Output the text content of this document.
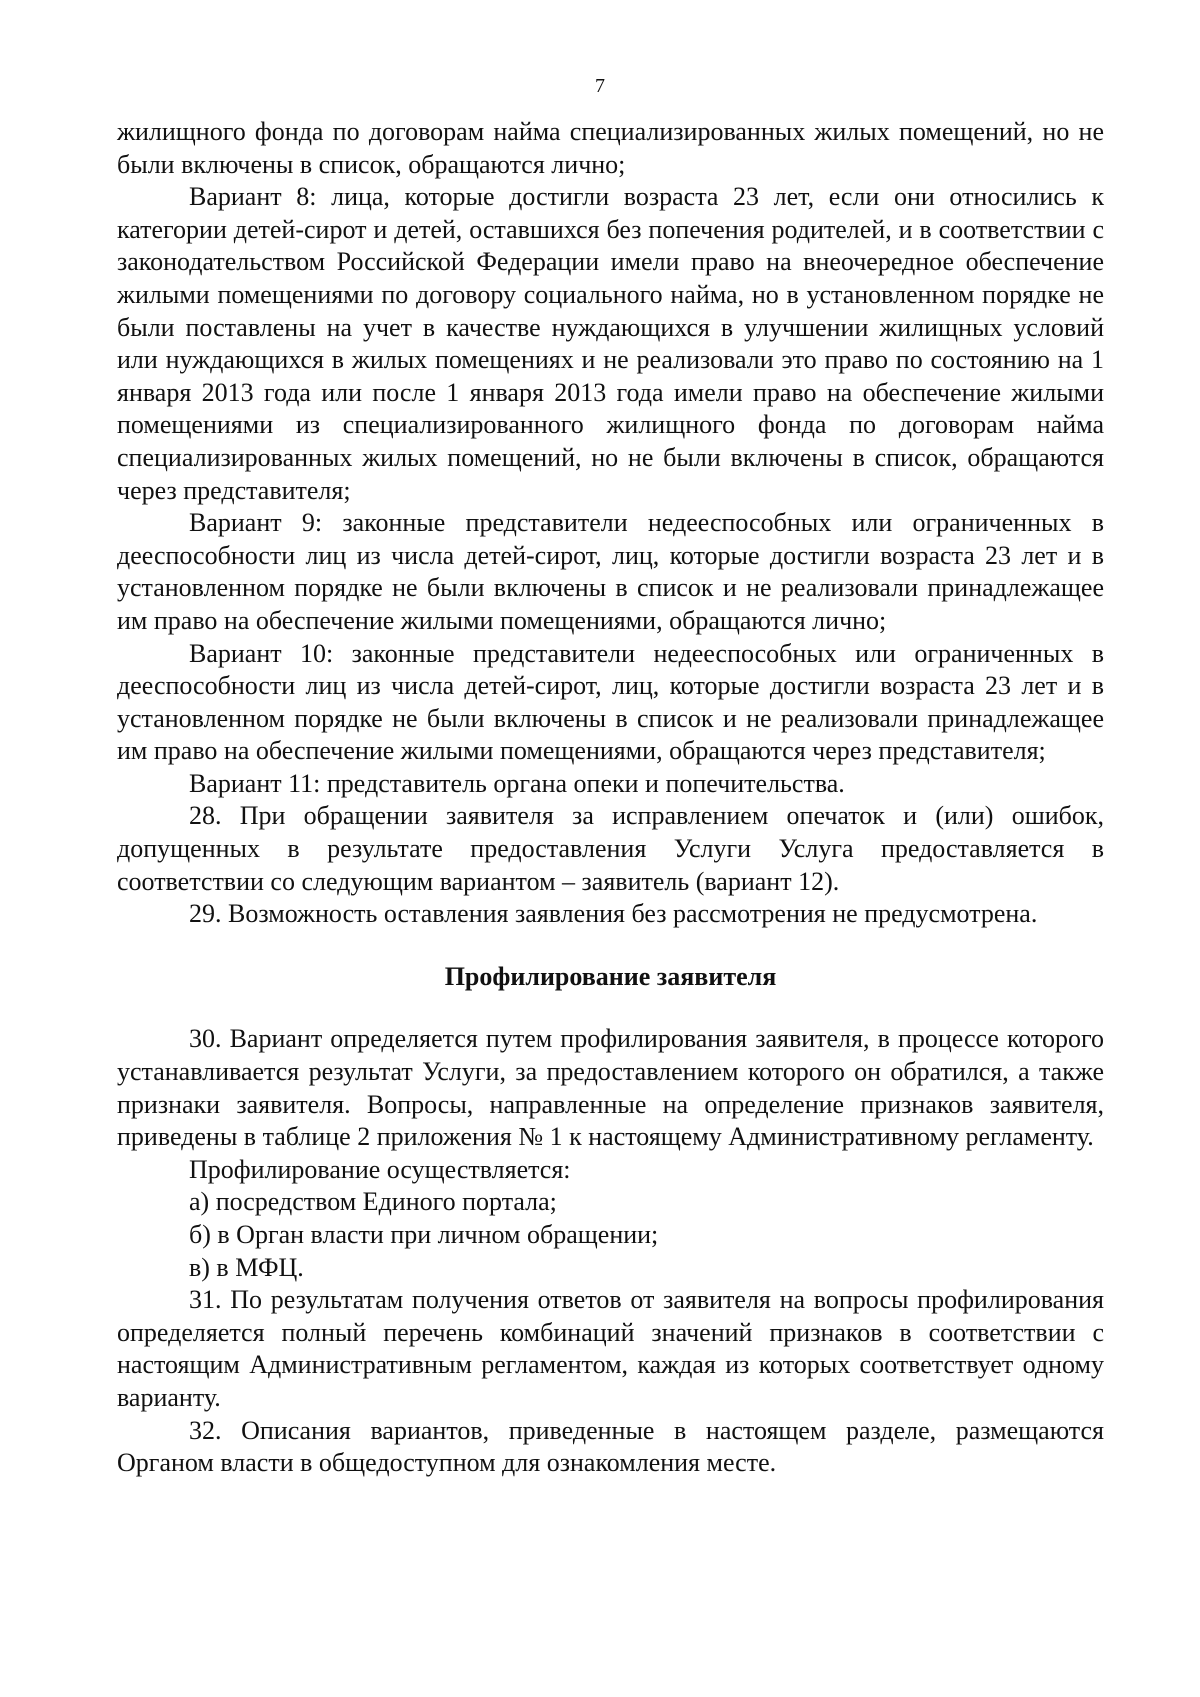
7

жилищного фонда по договорам найма специализированных жилых помещений, но не были включены в список, обращаются лично;

Вариант 8: лица, которые достигли возраста 23 лет, если они относились к категории детей-сирот и детей, оставшихся без попечения родителей, и в соответствии с законодательством Российской Федерации имели право на внеочередное обеспечение жилыми помещениями по договору социального найма, но в установленном порядке не были поставлены на учет в качестве нуждающихся в улучшении жилищных условий или нуждающихся в жилых помещениях и не реализовали это право по состоянию на 1 января 2013 года или после 1 января 2013 года имели право на обеспечение жилыми помещениями из специализированного жилищного фонда по договорам найма специализированных жилых помещений, но не были включены в список, обращаются через представителя;

Вариант 9: законные представители недееспособных или ограниченных в дееспособности лиц из числа детей-сирот, лиц, которые достигли возраста 23 лет и в установленном порядке не были включены в список и не реализовали принадлежащее им право на обеспечение жилыми помещениями, обращаются лично;

Вариант 10: законные представители недееспособных или ограниченных в дееспособности лиц из числа детей-сирот, лиц, которые достигли возраста 23 лет и в установленном порядке не были включены в список и не реализовали принадлежащее им право на обеспечение жилыми помещениями, обращаются через представителя;

Вариант 11: представитель органа опеки и попечительства.

28. При обращении заявителя за исправлением опечаток и (или) ошибок, допущенных в результате предоставления Услуги Услуга предоставляется в соответствии со следующим вариантом – заявитель (вариант 12).

29. Возможность оставления заявления без рассмотрения не предусмотрена.

Профилирование заявителя

30. Вариант определяется путем профилирования заявителя, в процессе которого устанавливается результат Услуги, за предоставлением которого он обратился, а также признаки заявителя. Вопросы, направленные на определение признаков заявителя, приведены в таблице 2 приложения № 1 к настоящему Административному регламенту.

Профилирование осуществляется:

а) посредством Единого портала;

б) в Орган власти при личном обращении;

в) в МФЦ.

31. По результатам получения ответов от заявителя на вопросы профилирования определяется полный перечень комбинаций значений признаков в соответствии с настоящим Административным регламентом, каждая из которых соответствует одному варианту.

32. Описания вариантов, приведенные в настоящем разделе, размещаются Органом власти в общедоступном для ознакомления месте.
